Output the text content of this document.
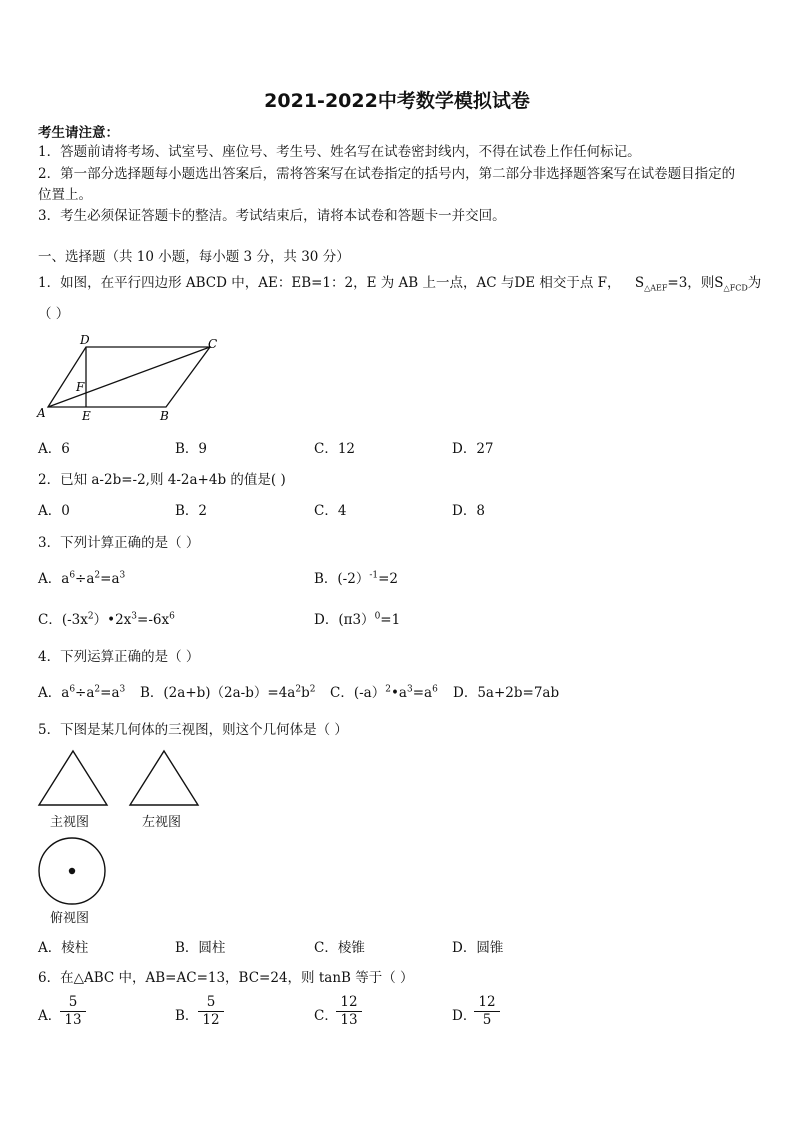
2021-2022中考数学模拟试卷
考生请注意：
1．答题前请将考场、试室号、座位号、考生号、姓名写在试卷密封线内，不得在试卷上作任何标记。
2．第一部分选择题每小题选出答案后，需将答案写在试卷指定的括号内，第二部分非选择题答案写在试卷题目指定的
位置上。
3．考生必须保证答题卡的整洁。考试结束后，请将本试卷和答题卡一并交回。
一、选择题（共 10 小题，每小题 3 分，共 30 分）
1．如图，在平行四边形 ABCD 中，AE：EB=1：2，E 为 AB 上一点，AC 与DE 相交于点 F， $S_{\triangle AEF}=3$，则$S_{\triangle FCD}$为
（ ）
D	C
F
A	E	B
A．6	B．9	C．12	D．27
2．已知 a-2b=-2,则 4-2a+4b 的值是( )
A．0	B．2	C．4	D．8
3．下列计算正确的是（ ）
A．$a^6\div a^2=a^3$	B．(-2）$^{-1}$=2
C．$(-3x^2)•2x^3=-6x^6$	D．(π3）$^0$=1
4．下列运算正确的是（ ）
A．$a^6\div a^2=a^3$ B．$(2a+b)(2a-b)=4a^2b^2$ C．$(-a)^2•a^3=a^6$ D．5a+2b=7ab
5．下图是某几何体的三视图，则这个几何体是（ ）
主视图	左视图
俯视图
A．棱柱	B．圆柱	C．棱锥	D．圆锥
6．在△ABC 中，AB=AC=13，BC=24，则 tanB 等于（ ）
A．
$\frac{5}{13}$	B． $\frac{5}{12}$	C．
$\frac{12}{13}$	D．
$\frac{12}{5}$
